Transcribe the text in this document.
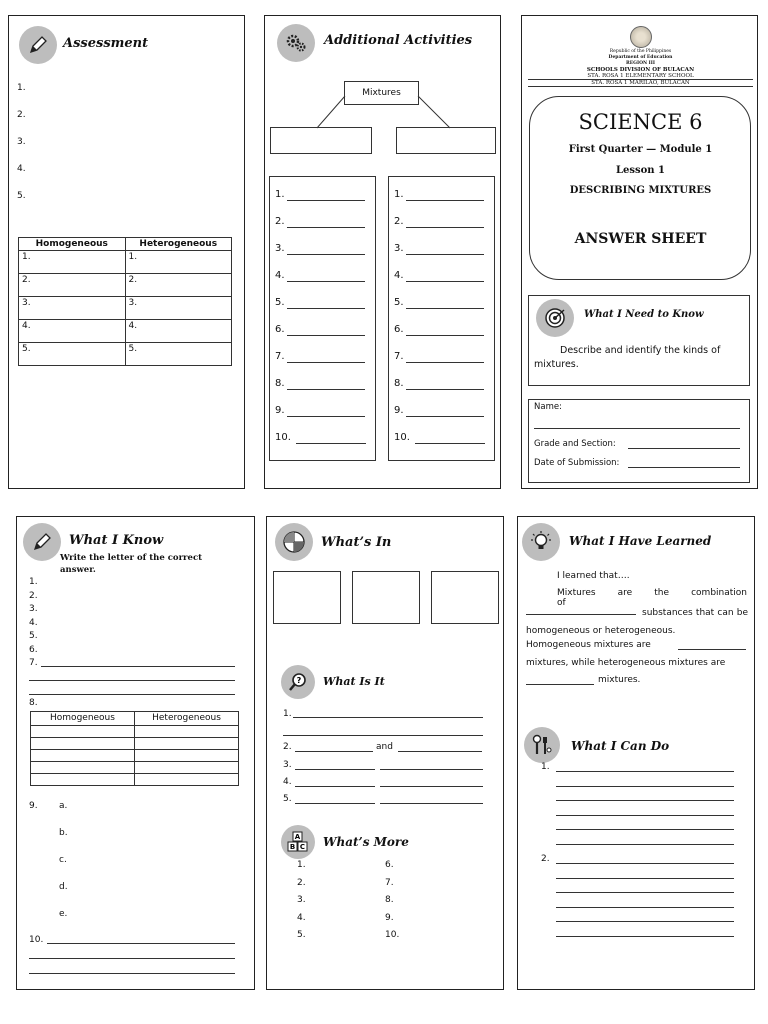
Assessment
1.
2.
3.
4.
5.
Homogeneous	Heterogeneous
1.	1.
2.	2.
3.	3.
4.	4.
5.	5.
Additional Activities
Mixtures
1.
2.
3.
4.
5.
6.
7.
8.
9.
10.
1.
2.
3.
4.
5.
6.
7.
8.
9.
10.
Republic of the Philippines
Department of Education
REGION III
SCHOOLS DIVISION OF BULACAN
STA. ROSA 1 ELEMENTARY SCHOOL
STA. ROSA 1 MARILAO, BULACAN
SCIENCE 6
First Quarter — Module 1
Lesson 1
DESCRIBING MIXTURES
ANSWER SHEET
What I Need to Know
Describe and identify the kinds of mixtures.
Name:
Grade and Section:
Date of Submission:
What I Know
Write the letter of the correct answer.
1.
2.
3.
4.
5.
6.
7.
8.
Homogeneous	Heterogeneous

9. a.
b.
c.
d.
e.
10.
What’s In
? What Is It
1.
2.	and
3.
4.
5.
A
B C What’s More
1.
2.
3.
4.
5.
6.
7.
8.
9.
10.
What I Have Learned
I learned that….
Mixtures are the combination of
substances that can be homogeneous or heterogeneous.
Homogeneous mixtures are
mixtures, while heterogeneous mixtures are
mixtures.
What I Can Do
1.
2.
